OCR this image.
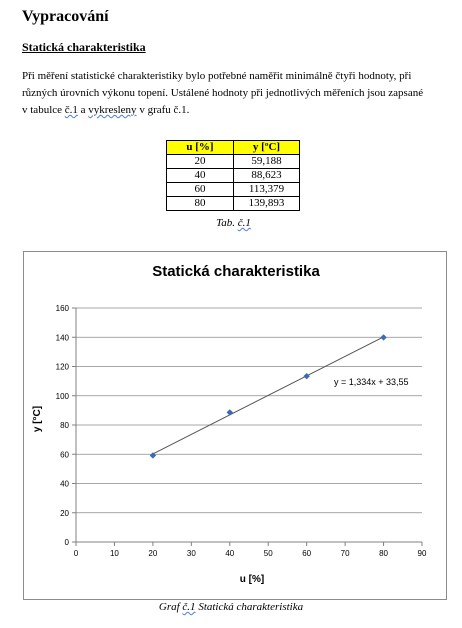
Vypracování
Statická charakteristika
Při měření statistické charakteristiky bylo potřebné naměřit minimálně čtyři hodnoty, při
různých úrovních výkonu topení. Ustálené hodnoty při jednotlivých měřeních jsou zapsané
v tabulce č.1 a vykresleny v grafu č.1.
u [%]	y [ºC]
20	59,188
40	88,623
60	113,379
80	139,893
Tab. č.1
0
20
40
60
80
100
120
140
160
0	10	20	30	40	50	60	70	80	90
Statická charakteristika
u [%]
y [°C]
y = 1,334x + 33,55
Graf č.1 Statická charakteristika
